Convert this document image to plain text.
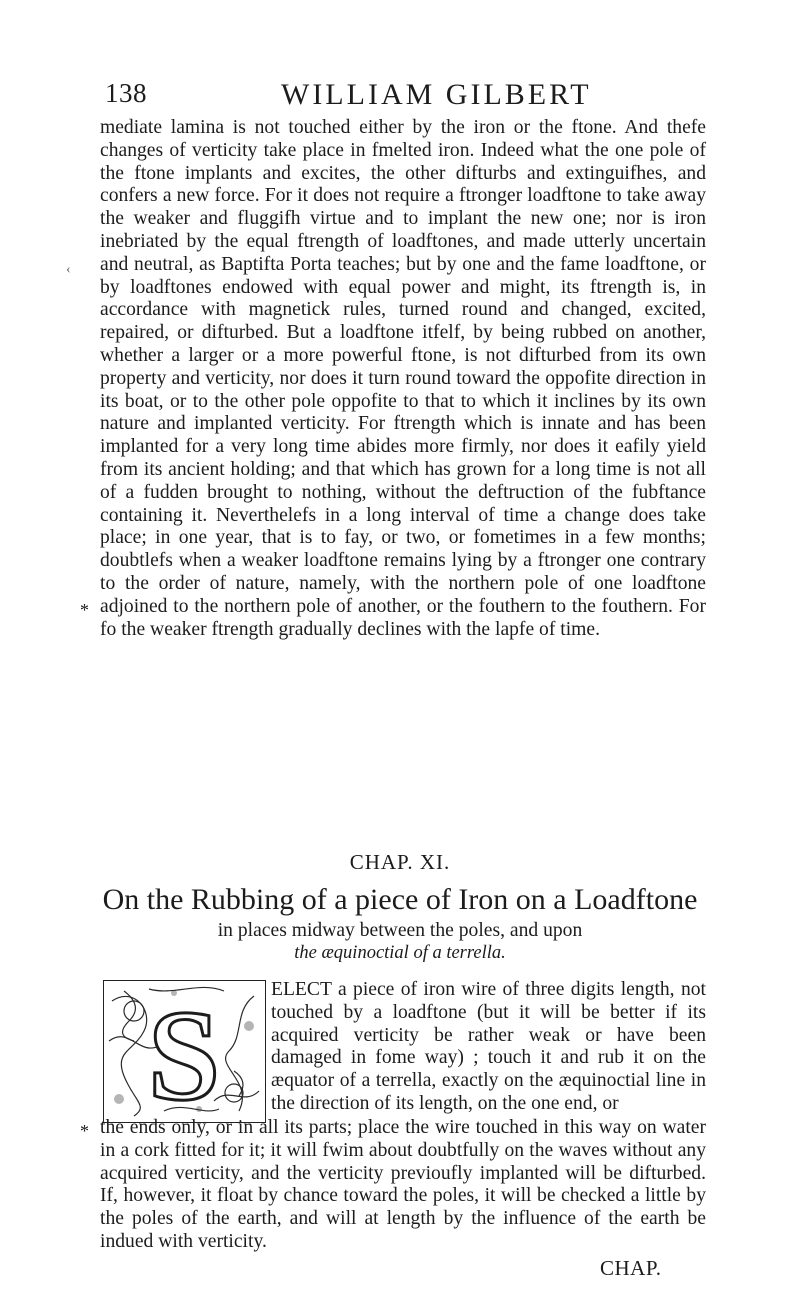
138	WILLIAM GILBERT

mediate lamina is not touched either by the iron or the ftone. And thefe changes of verticity take place in fmelted iron. Indeed what the one pole of the ftone implants and excites, the other difturbs and extinguifhes, and confers a new force. For it does not require a ftronger loadftone to take away the weaker and fluggifh virtue and to implant the new one; nor is iron inebriated by the equal ftrength of loadftones, and made utterly uncertain and neutral, as Baptifta Porta teaches; but by one and the fame loadftone, or by loadftones endowed with equal power and might, its ftrength is, in accordance with magnetick rules, turned round and changed, excited, repaired, or difturbed. But a loadftone itfelf, by being rubbed on another, whether a larger or a more powerful ftone, is not difturbed from its own property and verticity, nor does it turn round toward the oppofite direction in its boat, or to the other pole oppofite to that to which it inclines by its own nature and implanted verticity. For ftrength which is innate and has been implanted for a very long time abides more firmly, nor does it eafily yield from its ancient holding; and that which has grown for a long time is not all of a fudden brought to nothing, without the deftruction of the fubftance containing it. Neverthelefs in a long interval of time a change does take place; in one year, that is to fay, or two, or fometimes in a few months; doubtlefs when a weaker loadftone remains lying by a ftronger one contrary to the order of nature, namely, with the northern pole of one loadftone adjoined to the northern pole of another, or the fouthern to the fouthern. For fo the weaker ftrength gradually declines with the lapfe of time.

*
‹
CHAP. XI.
On the Rubbing of a piece of Iron on a Loadftone
in places midway between the poles, and upon
the æquinoctial of a terrella.
S	ELECT a piece of iron wire of three digits length, not touched by a loadftone (but it will be better if its acquired verticity be rather weak or have been damaged in fome way) ; touch it and rub it on the æquator of a terrella, exactly on the æquinoctial line in the direction of its length, on the one end, or

* the ends only, or in all its parts; place the wire touched in this way on water in a cork fitted for it; it will fwim about doubtfully on the waves without any acquired verticity, and the verticity previoufly implanted will be difturbed. If, however, it float by chance toward the poles, it will be checked a little by the poles of the earth, and will at length by the influence of the earth be indued with verticity.

CHAP.
